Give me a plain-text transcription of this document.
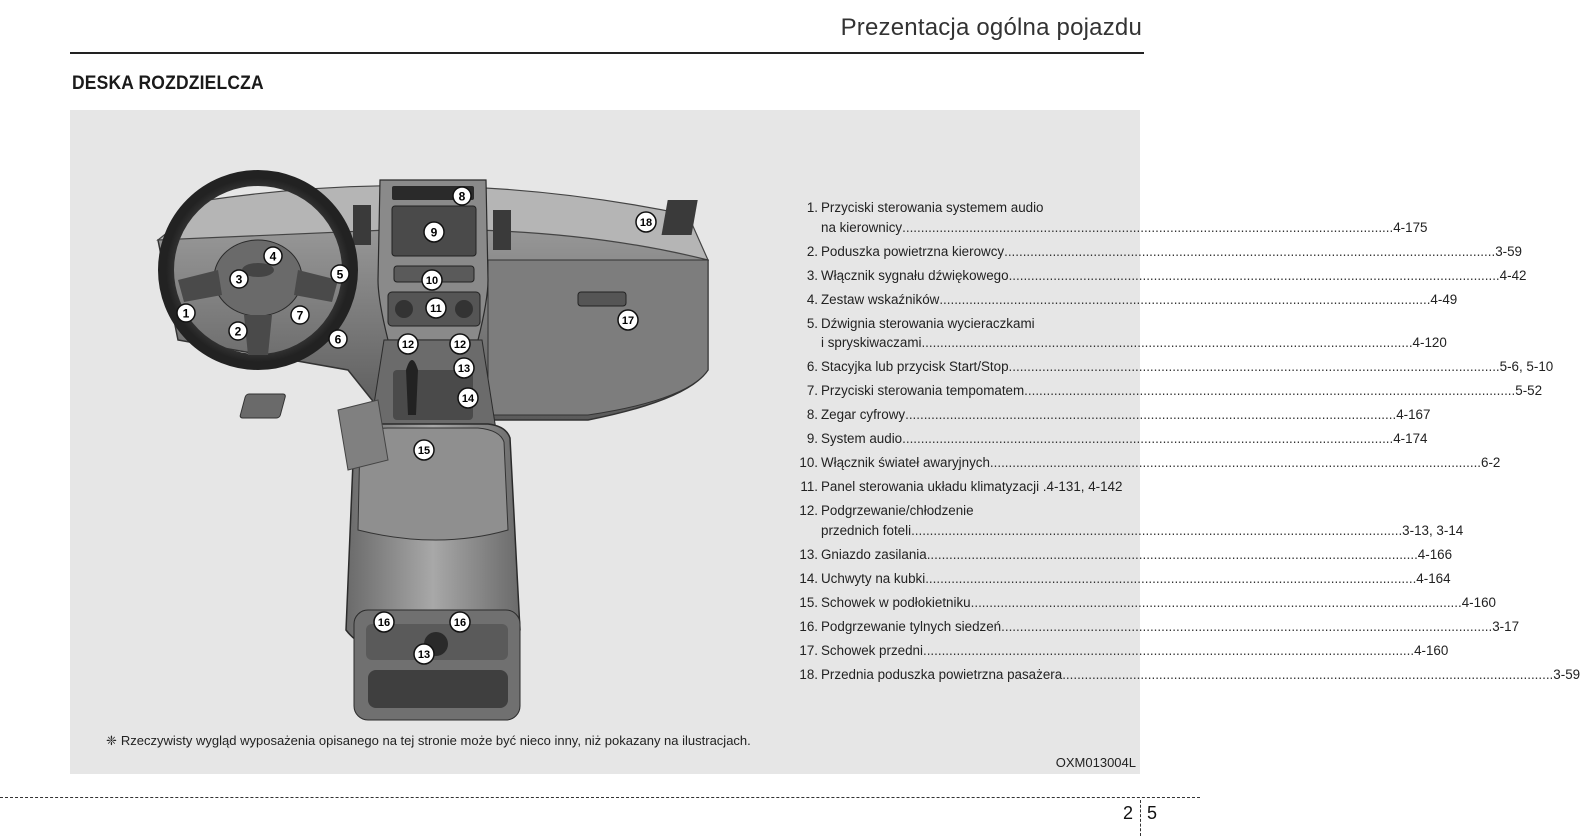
Prezentacja ogólna pojazdu
DESKA ROZDZIELCZA
1
2
3
4
5
6
7
8
9
10
11
12	12
13
14
15
16	16
13
17
18
1. Przyciski sterowania systemem audio
na kierownicy .....	4-175
2. Poduszka powietrzna kierowcy .....	3-59
3. Włącznik sygnału dźwiękowego .....	4-42
4. Zestaw wskaźników .....	4-49
5. Dźwignia sterowania wycieraczkami
i spryskiwaczami .....	4-120
6. Stacyjka lub przycisk Start/Stop .....	5-6, 5-10
7. Przyciski sterowania tempomatem .....	5-52
8. Zegar cyfrowy .....	4-167
9. System audio .....	4-174
10. Włącznik świateł awaryjnych .....	6-2
11. Panel sterowania układu klimatyzacji .4-131, 4-142
12. Podgrzewanie/chłodzenie
przednich foteli .....	3-13, 3-14
13. Gniazdo zasilania .....	4-166
14. Uchwyty na kubki .....	4-164
15. Schowek w podłokietniku .....	4-160
16. Podgrzewanie tylnych siedzeń .....	3-17
17. Schowek przedni .....	4-160
18. Przednia poduszka powietrzna pasażera .....	3-59
❈ Rzeczywisty wygląd wyposażenia opisanego na tej stronie może być nieco inny, niż pokazany na ilustracjach.
OXM013004L
2 5
